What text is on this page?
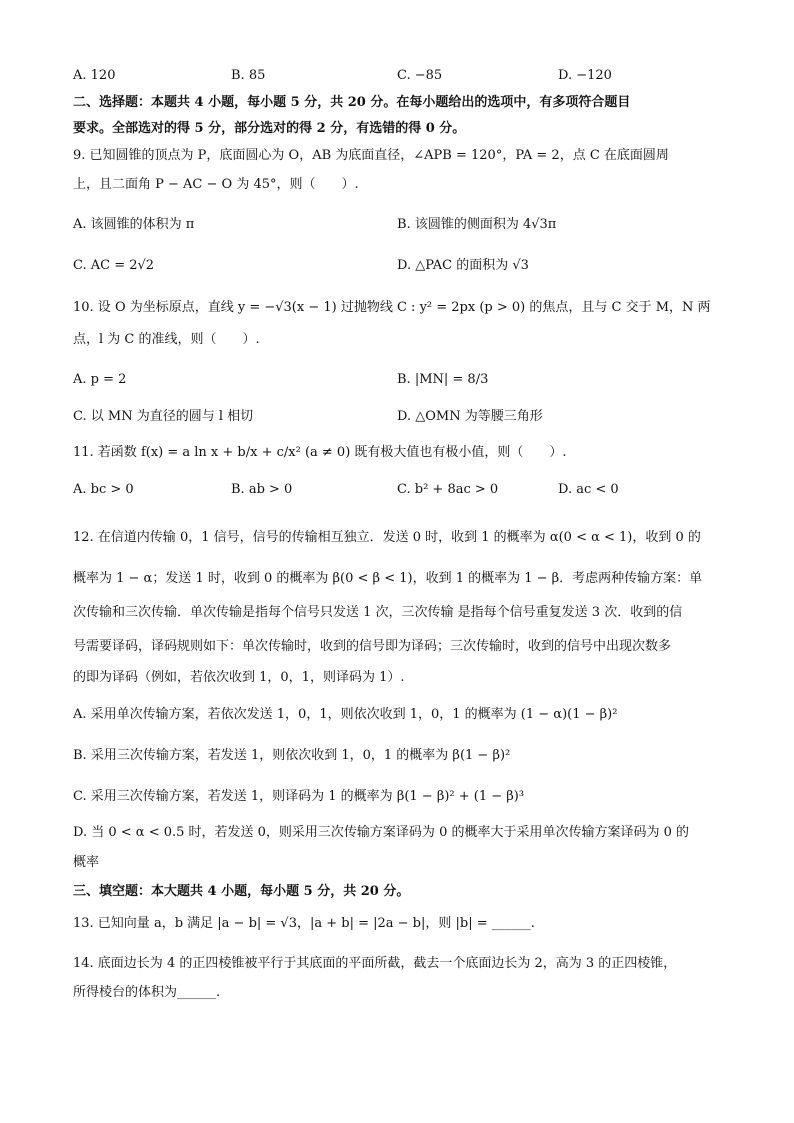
A. 120	B. 85	C. −85	D. −120
二、选择题：本题共 4 小题，每小题 5 分，共 20 分。在每小题给出的选项中，有多项符合题目
要求。全部选对的得 5 分，部分选对的得 2 分，有选错的得 0 分。
9. 已知圆锥的顶点为 P，底面圆心为 O，AB 为底面直径，∠APB = 120°，PA = 2，点 C 在底面圆周
上，且二面角 P − AC − O 为 45°，则（　　）.
A. 该圆锥的体积为 π	B. 该圆锥的侧面积为 4√3π
C. AC = 2√2	D. △PAC 的面积为 √3
10. 设 O 为坐标原点，直线 y = −√3(x − 1) 过抛物线 C : y² = 2px (p > 0) 的焦点，且与 C 交于 M，N 两
点，l 为 C 的准线，则（　　）.
A. p = 2	B. |MN| = 8/3
C. 以 MN 为直径的圆与 l 相切	D. △OMN 为等腰三角形
11. 若函数 f(x) = a ln x + b/x + c/x² (a ≠ 0) 既有极大值也有极小值，则（　　）.
A. bc > 0	B. ab > 0	C. b² + 8ac > 0	D. ac < 0
12. 在信道内传输 0，1 信号，信号的传输相互独立．发送 0 时，收到 1 的概率为 α(0 < α < 1)，收到 0 的
概率为 1 − α；发送 1 时，收到 0 的概率为 β(0 < β < 1)，收到 1 的概率为 1 − β．考虑两种传输方案：单
次传输和三次传输．单次传输是指每个信号只发送 1 次，三次传输 是指每个信号重复发送 3 次．收到的信
号需要译码，译码规则如下：单次传输时，收到的信号即为译码；三次传输时，收到的信号中出现次数多
的即为译码（例如，若依次收到 1，0，1，则译码为 1）.
A. 采用单次传输方案，若依次发送 1，0，1，则依次收到 1，0，1 的概率为 (1 − α)(1 − β)²
B. 采用三次传输方案，若发送 1，则依次收到 1，0，1 的概率为 β(1 − β)²
C. 采用三次传输方案，若发送 1，则译码为 1 的概率为 β(1 − β)² + (1 − β)³
D. 当 0 < α < 0.5 时，若发送 0，则采用三次传输方案译码为 0 的概率大于采用单次传输方案译码为 0 的
概率
三、填空题：本大题共 4 小题，每小题 5 分，共 20 分。
13. 已知向量 a，b 满足 |a − b| = √3，|a + b| = |2a − b|，则 |b| = ______.
14. 底面边长为 4 的正四棱锥被平行于其底面的平面所截，截去一个底面边长为 2，高为 3 的正四棱锥，
所得棱台的体积为______.
